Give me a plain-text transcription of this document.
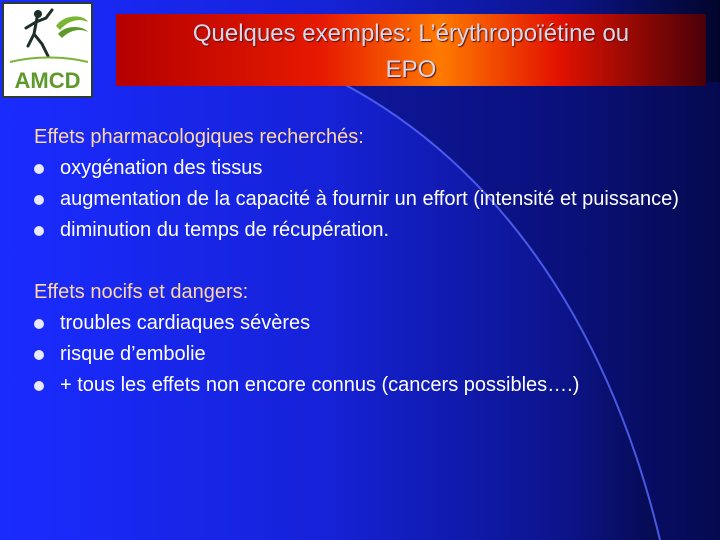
AMCD
Quelques exemples: L’érythropoïétine ou
EPO

Effets pharmacologiques recherchés:

oxygénation des tissus
augmentation de la capacité à fournir un effort (intensité et puissance)
diminution du temps de récupération.

Effets nocifs et dangers:

troubles cardiaques sévères
risque d’embolie
+ tous les effets non encore connus (cancers possibles….)
